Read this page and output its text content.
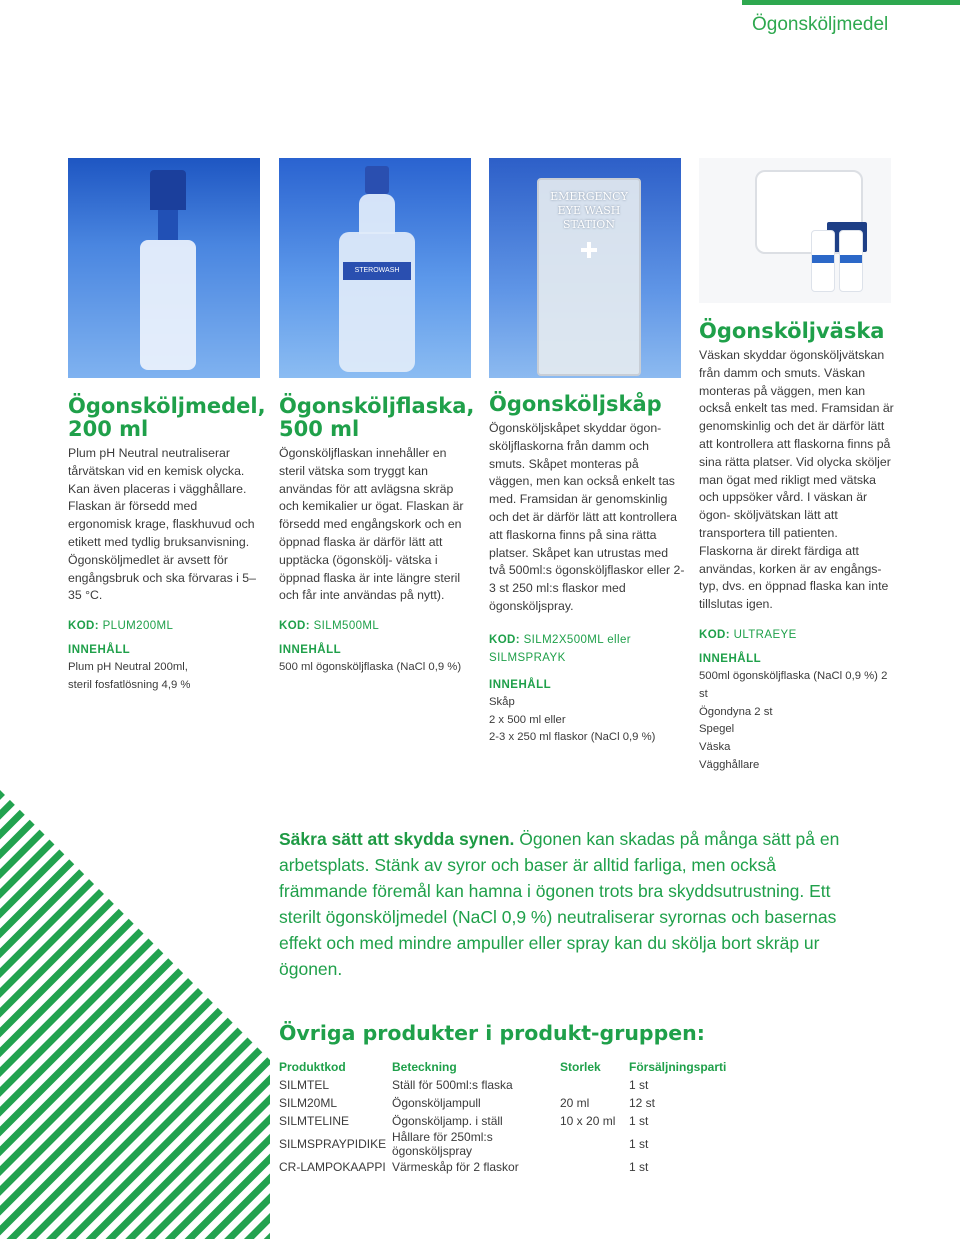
Ögonsköljmedel
STEROWASH
EMERGENCY EYE WASH STATION

Ögonsköljmedel,
200 ml

Plum pH Neutral neutraliserar tårvätskan vid en kemisk olycka. Kan även placeras i vägghållare. Flaskan är försedd med ergonomisk krage, flaskhuvud och etikett med tydlig bruksanvisning. Ögonsköljmedlet är avsett för engångsbruk och ska förvaras i 5–35 °C.
KOD: PLUM200ML
INNEHÅLL
Plum pH Neutral 200ml,
steril fosfatlösning 4,9 %

Ögonsköljflaska,
500 ml

Ögonsköljflaskan innehåller en steril vätska som tryggt kan användas för att avlägsna skräp och kemikalier ur ögat. Flaskan är försedd med engångskork och en öppnad flaska är därför lätt att upptäcka (ögonskölj- vätska i öppnad flaska är inte längre steril och får inte användas på nytt).
KOD: SILM500ML
INNEHÅLL
500 ml ögonsköljflaska (NaCl 0,9 %)

Ögonsköljskåp

Ögonsköljskåpet skyddar ögon- sköljflaskorna från damm och smuts. Skåpet monteras på väggen, men kan också enkelt tas med. Framsidan är genomskinlig och det är därför lätt att kontrollera att flaskorna finns på sina rätta platser. Skåpet kan utrustas med två 500ml:s ögonsköljflaskor eller 2-3 st 250 ml:s flaskor med ögonsköljspray.
KOD: SILM2X500ML eller SILMSPRAYK
INNEHÅLL
Skåp
2 x 500 ml eller
2-3 x 250 ml flaskor (NaCl 0,9 %)

Ögonsköljväska

Väskan skyddar ögonsköljvätskan från damm och smuts. Väskan monteras på väggen, men kan också enkelt tas med. Framsidan är genomskinlig och det är därför lätt att kontrollera att flaskorna finns på sina rätta platser. Vid olycka sköljer man ögat med rikligt med vätska och uppsöker vård. I väskan är ögon- sköljvätskan lätt att transportera till patienten. Flaskorna är direkt färdiga att användas, korken är av engångs- typ, dvs. en öppnad flaska kan inte tillslutas igen.
KOD: ULTRAEYE
INNEHÅLL
500ml ögonsköljflaska (NaCl 0,9 %) 2 st
Ögondyna 2 st
Spegel
Väska
Vägghållare
Säkra sätt att skydda synen. Ögonen kan skadas på många sätt på en arbetsplats. Stänk av syror och baser är alltid farliga, men också främmande föremål kan hamna i ögonen trots bra skyddsutrustning. Ett sterilt ögonsköljmedel (NaCl 0,9 %) neutraliserar syrornas och basernas effekt och med mindre ampuller eller spray kan du skölja bort skräp ur ögonen.
Övriga produkter i produkt-gruppen:
Produktkod	Beteckning	Storlek	Försäljningsparti
SILMTEL	Ställ för 500ml:s flaska		1 st
SILM20ML	Ögonsköljampull	20 ml	12 st
SILMTELINE	Ögonsköljamp. i ställ	10 x 20 ml	1 st
SILMSPRAYPIDIKE	Hållare för 250ml:s ögonsköljspray		1 st
CR-LAMPOKAAPPI	Värmeskåp för 2 flaskor		1 st
